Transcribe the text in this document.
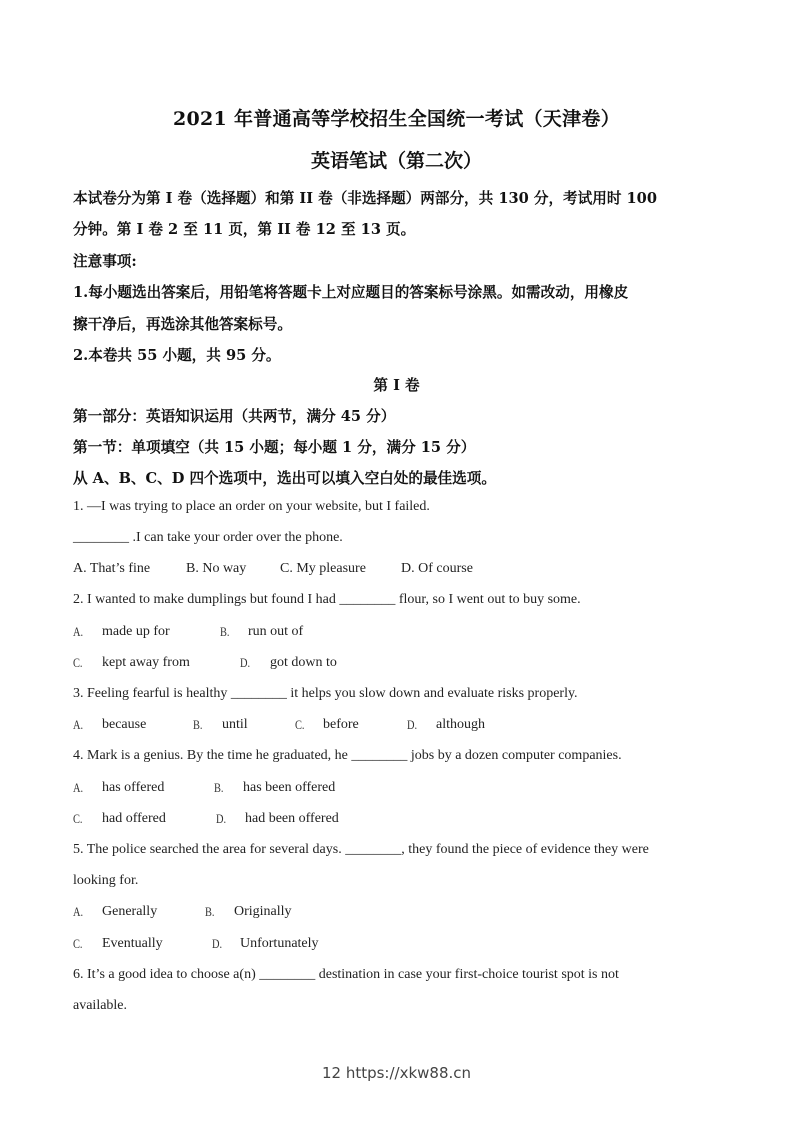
2021 年普通高等学校招生全国统一考试（天津卷）
英语笔试（第二次）
本试卷分为第 I 卷（选择题）和第 II 卷（非选择题）两部分，共 130 分，考试用时 100
分钟。第 I 卷 2 至 11 页，第 II 卷 12 至 13 页。
注意事项:
1.每小题选出答案后，用铅笔将答题卡上对应题目的答案标号涂黑。如需改动，用橡皮
擦干净后，再选涂其他答案标号。
2.本卷共 55 小题，共 95 分。
第 I 卷
第一部分：英语知识运用（共两节，满分 45 分）
第一节：单项填空（共 15 小题；每小题 1 分，满分 15 分）
从 A、B、C、D 四个选项中，选出可以填入空白处的最佳选项。
1. —I was trying to place an order on your website, but I failed.
________ .I can take your order over the phone.
A. That’s fine	B. No way C. My pleasure	D. Of course
2. I wanted to make dumplings but found I had ________ flour, so I went out to buy some.
A. made up for	B. run out of
C. kept away from	D. got down to
3. Feeling fearful is healthy ________ it helps you slow down and evaluate risks properly.
A. because	B. until	C. before	D. although
4. Mark is a genius. By the time he graduated, he ________ jobs by a dozen computer companies.
A. has offered	B. has been offered
C. had offered	D. had been offered
5. The police searched the area for several days. ________, they found the piece of evidence they were
looking for.
A. Generally	B. Originally
C. Eventually	D. Unfortunately
6. It’s a good idea to choose a(n) ________ destination in case your first-choice tourist spot is not
available.
12 https://xkw88.cn
